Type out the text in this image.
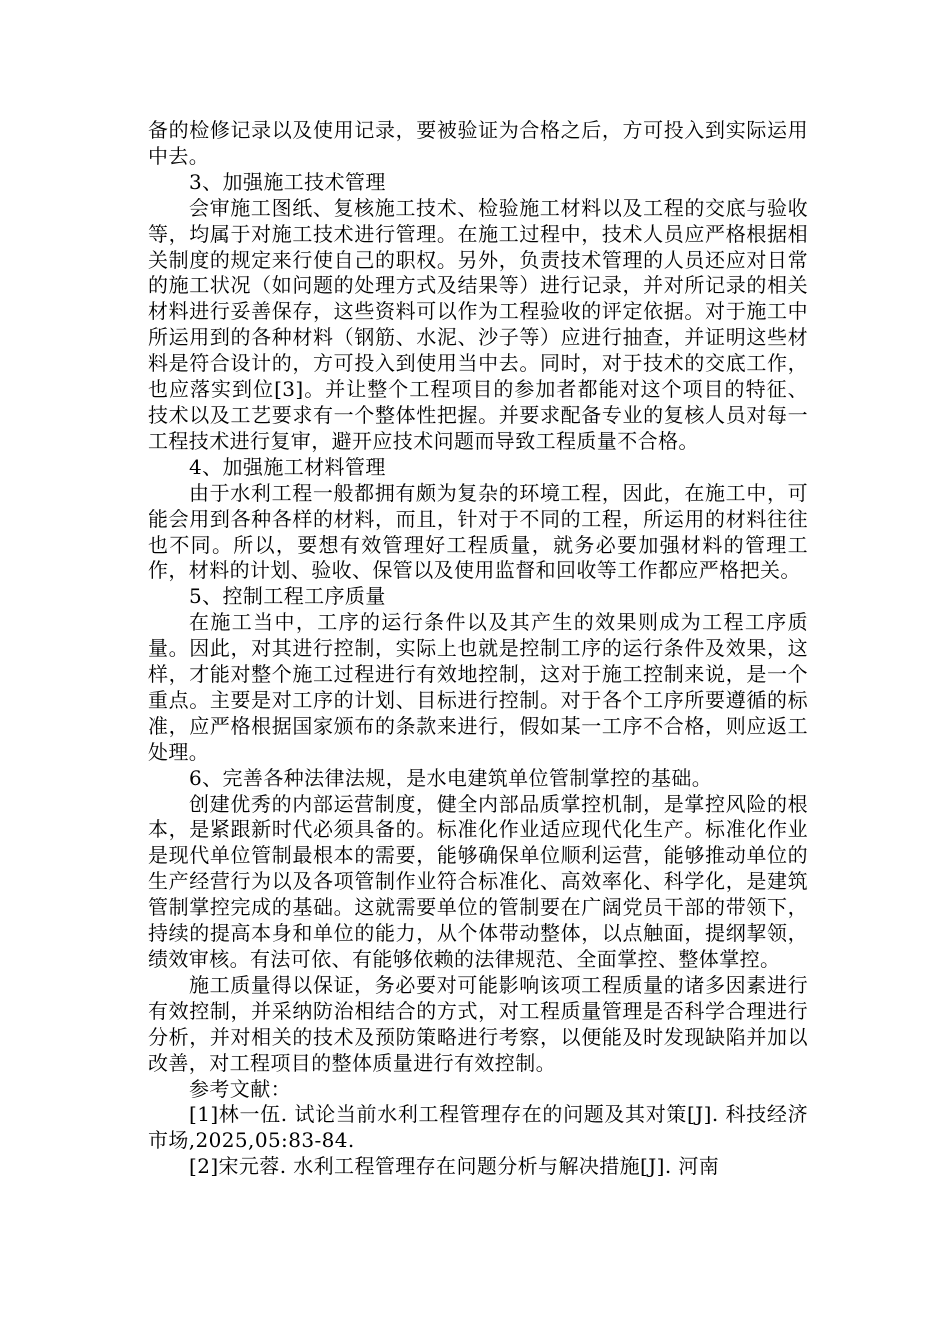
备的检修记录以及使用记录，要被验证为合格之后，方可投入到实际运用中去。

3、加强施工技术管理

会审施工图纸、复核施工技术、检验施工材料以及工程的交底与验收等，均属于对施工技术进行管理。在施工过程中，技术人员应严格根据相关制度的规定来行使自己的职权。另外，负责技术管理的人员还应对日常的施工状况（如问题的处理方式及结果等）进行记录，并对所记录的相关材料进行妥善保存，这些资料可以作为工程验收的评定依据。对于施工中所运用到的各种材料（钢筋、水泥、沙子等）应进行抽查，并证明这些材料是符合设计的，方可投入到使用当中去。同时，对于技术的交底工作，也应落实到位[3]。并让整个工程项目的参加者都能对这个项目的特征、技术以及工艺要求有一个整体性把握。并要求配备专业的复核人员对每一工程技术进行复审，避开应技术问题而导致工程质量不合格。

4、加强施工材料管理

由于水利工程一般都拥有颇为复杂的环境工程，因此，在施工中，可能会用到各种各样的材料，而且，针对于不同的工程，所运用的材料往往也不同。所以，要想有效管理好工程质量，就务必要加强材料的管理工作，材料的计划、验收、保管以及使用监督和回收等工作都应严格把关。

5、控制工程工序质量

在施工当中，工序的运行条件以及其产生的效果则成为工程工序质量。因此，对其进行控制，实际上也就是控制工序的运行条件及效果，这样，才能对整个施工过程进行有效地控制，这对于施工控制来说，是一个重点。主要是对工序的计划、目标进行控制。对于各个工序所要遵循的标准，应严格根据国家颁布的条款来进行，假如某一工序不合格，则应返工处理。

6、完善各种法律法规，是水电建筑单位管制掌控的基础。

创建优秀的内部运营制度，健全内部品质掌控机制，是掌控风险的根本，是紧跟新时代必须具备的。标准化作业适应现代化生产。标准化作业是现代单位管制最根本的需要，能够确保单位顺利运营，能够推动单位的生产经营行为以及各项管制作业符合标准化、高效率化、科学化，是建筑管制掌控完成的基础。这就需要单位的管制要在广阔党员干部的带领下，持续的提高本身和单位的能力，从个体带动整体，以点触面，提纲挈领，绩效审核。有法可依、有能够依赖的法律规范、全面掌控、整体掌控。

施工质量得以保证，务必要对可能影响该项工程质量的诸多因素进行有效控制，并采纳防治相结合的方式，对工程质量管理是否科学合理进行分析，并对相关的技术及预防策略进行考察，以便能及时发现缺陷并加以改善，对工程项目的整体质量进行有效控制。

参考文献：

[1]林一伍. 试论当前水利工程管理存在的问题及其对策[J]. 科技经济市场,2025,05:83-84.

[2]宋元蓉. 水利工程管理存在问题分析与解决措施[J]. 河南
